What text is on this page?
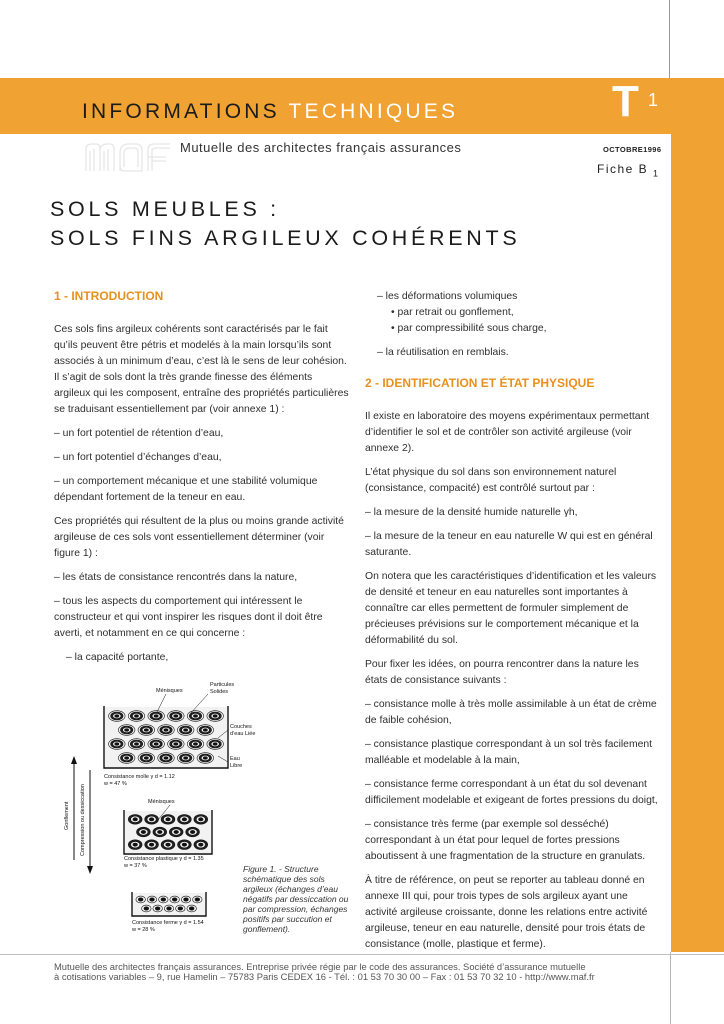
INFORMATIONS TECHNIQUES	T 1
Mutuelle des architectes français assurances	OCTOBRE1996
Fiche B $_1$
SOLS MEUBLES :
SOLS FINS ARGILEUX COHÉRENTS
1 - INTRODUCTION

Ces sols fins argileux cohérents sont caractérisés par le fait qu’ils peuvent être pétris et modelés à la main lorsqu’ils sont associés à un minimum d’eau, c’est là le sens de leur cohésion. Il s’agit de sols dont la très grande finesse des éléments argileux qui les composent, entraîne des propriétés particulières se traduisant essentiellement par (voir annexe 1) :

– un fort potentiel de rétention d’eau,

– un fort potentiel d’échanges d’eau,

– un comportement mécanique et une stabilité volumique dépendant fortement de la teneur en eau.

Ces propriétés qui résultent de la plus ou moins grande activité argileuse de ces sols vont essentiellement déterminer (voir figure 1) :

– les états de consistance rencontrés dans la nature,

– tous les aspects du comportement qui intéressent le constructeur et qui vont inspirer les risques dont il doit être averti, et notamment en ce qui concerne :

– la capacité portante,

– les déformations volumiques

• par retrait ou gonflement,

• par compressibilité sous charge,

– la réutilisation en remblais.

2 - IDENTIFICATION ET ÉTAT PHYSIQUE

Il existe en laboratoire des moyens expérimentaux permettant d’identifier le sol et de contrôler son activité argileuse (voir annexe 2).

L’état physique du sol dans son environnement naturel (consistance, compacité) est contrôlé surtout par :

– la mesure de la densité humide naturelle γh,

– la mesure de la teneur en eau naturelle W qui est en général saturante.

On notera que les caractéristiques d’identification et les valeurs de densité et teneur en eau naturelles sont importantes à connaître car elles permettent de formuler simplement de précieuses prévisions sur le comportement mécanique et la déformabilité du sol.

Pour fixer les idées, on pourra rencontrer dans la nature les états de consistance suivants :

– consistance molle à très molle assimilable à un état de crème de faible cohésion,

– consistance plastique correspondant à un sol très facilement malléable et modelable à la main,

– consistance ferme correspondant à un état du sol devenant difficilement modelable et exigeant de fortes pressions du doigt,

– consistance très ferme (par exemple sol desséché) correspondant à un état pour lequel de fortes pressions aboutissent à une fragmentation de la structure en granulats.

À titre de référence, on peut se reporter au tableau donné en annexe III qui, pour trois types de sols argileux ayant une activité argileuse croissante, donne les relations entre activité argileuse, teneur en eau naturelle, densité pour trois états de consistance (molle, plastique et ferme).

Ménisques
Particules
Solides
Couches
d’eau Liée
Eau
Libre
Consistance molle γ d = 1.12
w = 47 %
Ménisques
Consistance plastique γ d = 1.35
w = 37 %
Consistance ferme γ d = 1.54
w = 28 %
Gonflement Compression ou dessiccation
Figure 1. - Structure schématique des sols argileux (échanges d’eau négatifs par dessiccation ou par compression, échanges positifs par succution et gonflement).
Mutuelle des architectes français assurances. Entreprise privée régie par le code des assurances. Société d’assurance mutuelle
à cotisations variables – 9, rue Hamelin – 75783 Paris CEDEX 16 - Tél. : 01 53 70 30 00 – Fax : 01 53 70 32 10 - http://www.maf.fr
